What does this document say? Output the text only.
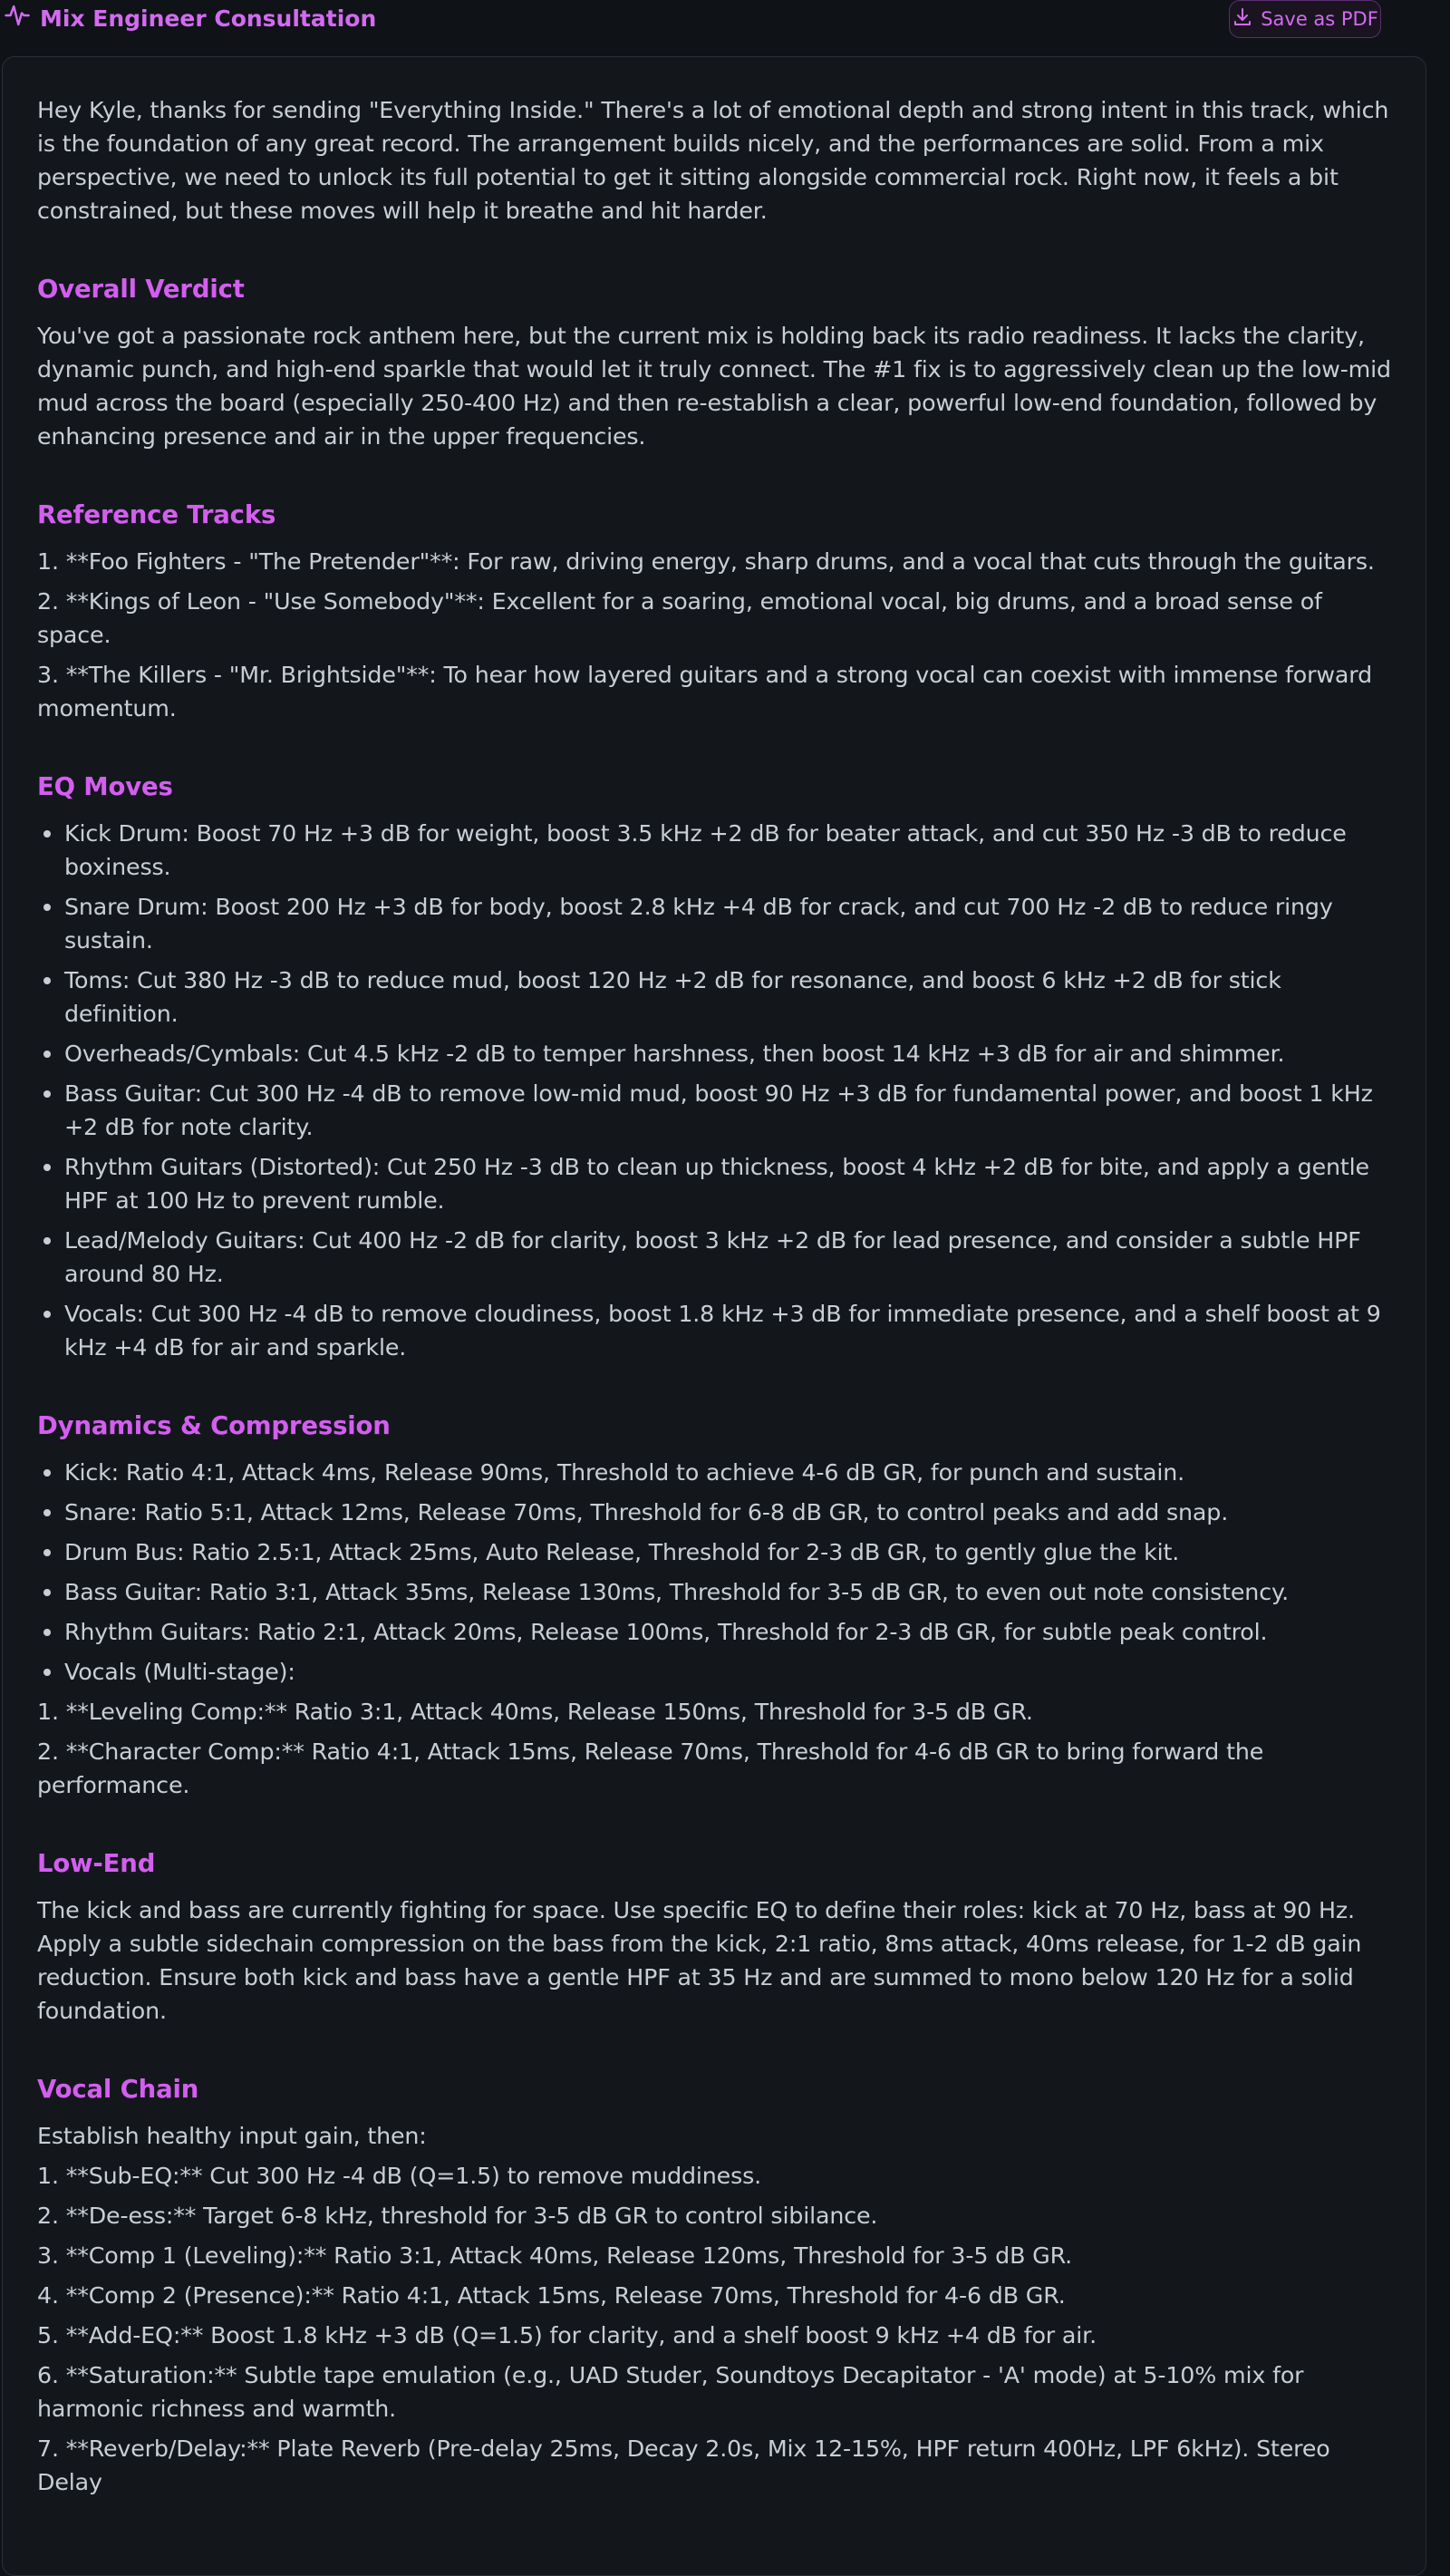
Mix Engineer Consultation	Save as PDF

Hey Kyle, thanks for sending "Everything Inside." There's a lot of emotional depth and strong intent in this track, which is the foundation of any great record. The arrangement builds nicely, and the performances are solid. From a mix perspective, we need to unlock its full potential to get it sitting alongside commercial rock. Right now, it feels a bit constrained, but these moves will help it breathe and hit harder.

Overall Verdict

You've got a passionate rock anthem here, but the current mix is holding back its radio readiness. It lacks the clarity, dynamic punch, and high-end sparkle that would let it truly connect. The #1 fix is to aggressively clean up the low-mid mud across the board (especially 250-400 Hz) and then re-establish a clear, powerful low-end foundation, followed by enhancing presence and air in the upper frequencies.

Reference Tracks
1. **Foo Fighters - "The Pretender"**: For raw, driving energy, sharp drums, and a vocal that cuts through the guitars.
2. **Kings of Leon - "Use Somebody"**: Excellent for a soaring, emotional vocal, big drums, and a broad sense of space.
3. **The Killers - "Mr. Brightside"**: To hear how layered guitars and a strong vocal can coexist with immense forward momentum.
EQ Moves
Kick Drum: Boost 70 Hz +3 dB for weight, boost 3.5 kHz +2 dB for beater attack, and cut 350 Hz -3 dB to reduce boxiness.
Snare Drum: Boost 200 Hz +3 dB for body, boost 2.8 kHz +4 dB for crack, and cut 700 Hz -2 dB to reduce ringy sustain.
Toms: Cut 380 Hz -3 dB to reduce mud, boost 120 Hz +2 dB for resonance, and boost 6 kHz +2 dB for stick definition.
Overheads/Cymbals: Cut 4.5 kHz -2 dB to temper harshness, then boost 14 kHz +3 dB for air and shimmer.
Bass Guitar: Cut 300 Hz -4 dB to remove low-mid mud, boost 90 Hz +3 dB for fundamental power, and boost 1 kHz +2 dB for note clarity.
Rhythm Guitars (Distorted): Cut 250 Hz -3 dB to clean up thickness, boost 4 kHz +2 dB for bite, and apply a gentle HPF at 100 Hz to prevent rumble.
Lead/Melody Guitars: Cut 400 Hz -2 dB for clarity, boost 3 kHz +2 dB for lead presence, and consider a subtle HPF around 80 Hz.
Vocals: Cut 300 Hz -4 dB to remove cloudiness, boost 1.8 kHz +3 dB for immediate presence, and a shelf boost at 9 kHz +4 dB for air and sparkle.
Dynamics & Compression
Kick: Ratio 4:1, Attack 4ms, Release 90ms, Threshold to achieve 4-6 dB GR, for punch and sustain.
Snare: Ratio 5:1, Attack 12ms, Release 70ms, Threshold for 6-8 dB GR, to control peaks and add snap.
Drum Bus: Ratio 2.5:1, Attack 25ms, Auto Release, Threshold for 2-3 dB GR, to gently glue the kit.
Bass Guitar: Ratio 3:1, Attack 35ms, Release 130ms, Threshold for 3-5 dB GR, to even out note consistency.
Rhythm Guitars: Ratio 2:1, Attack 20ms, Release 100ms, Threshold for 2-3 dB GR, for subtle peak control.
Vocals (Multi-stage):
1. **Leveling Comp:** Ratio 3:1, Attack 40ms, Release 150ms, Threshold for 3-5 dB GR.
2. **Character Comp:** Ratio 4:1, Attack 15ms, Release 70ms, Threshold for 4-6 dB GR to bring forward the performance.
Low-End

The kick and bass are currently fighting for space. Use specific EQ to define their roles: kick at 70 Hz, bass at 90 Hz. Apply a subtle sidechain compression on the bass from the kick, 2:1 ratio, 8ms attack, 40ms release, for 1-2 dB gain reduction. Ensure both kick and bass have a gentle HPF at 35 Hz and are summed to mono below 120 Hz for a solid foundation.

Vocal Chain
Establish healthy input gain, then:
1. **Sub-EQ:** Cut 300 Hz -4 dB (Q=1.5) to remove muddiness.
2. **De-ess:** Target 6-8 kHz, threshold for 3-5 dB GR to control sibilance.
3. **Comp 1 (Leveling):** Ratio 3:1, Attack 40ms, Release 120ms, Threshold for 3-5 dB GR.
4. **Comp 2 (Presence):** Ratio 4:1, Attack 15ms, Release 70ms, Threshold for 4-6 dB GR.
5. **Add-EQ:** Boost 1.8 kHz +3 dB (Q=1.5) for clarity, and a shelf boost 9 kHz +4 dB for air.
6. **Saturation:** Subtle tape emulation (e.g., UAD Studer, Soundtoys Decapitator - 'A' mode) at 5-10% mix for harmonic richness and warmth.
7. **Reverb/Delay:** Plate Reverb (Pre-delay 25ms, Decay 2.0s, Mix 12-15%, HPF return 400Hz, LPF 6kHz). Stereo Delay
